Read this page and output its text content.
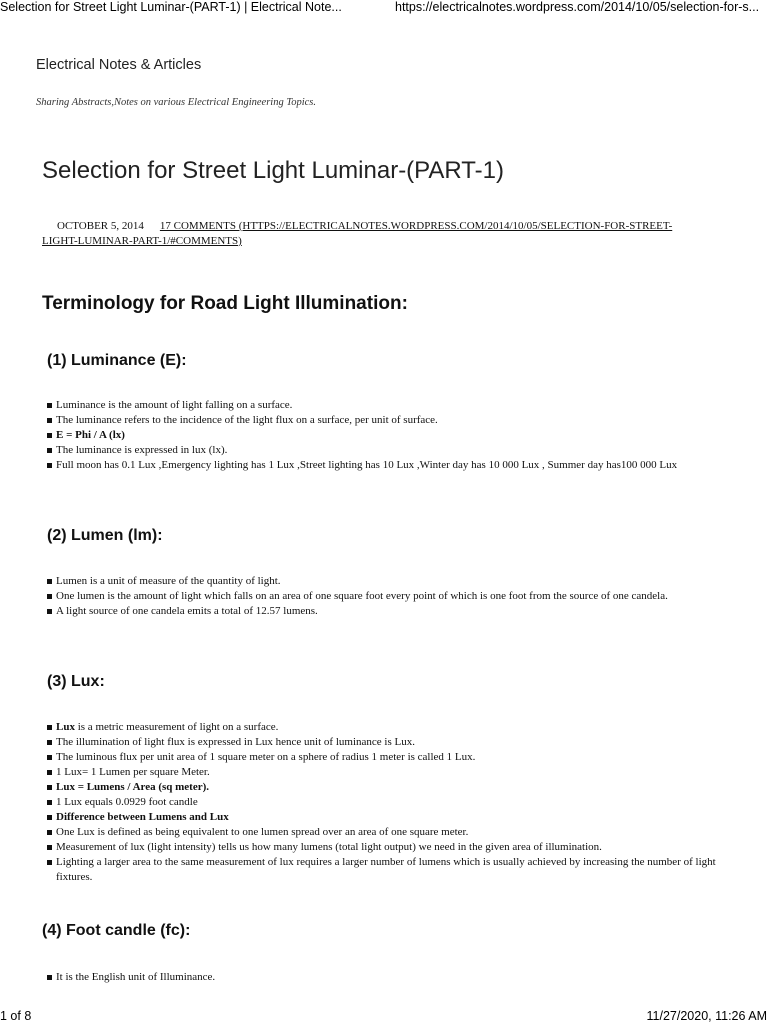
Selection for Street Light Luminar-(PART-1) | Electrical Note...	https://electricalnotes.wordpress.com/2014/10/05/selection-for-s...
Electrical Notes & Articles

Sharing Abstracts,Notes on various Electrical Engineering Topics.

Selection for Street Light Luminar-(PART-1)

OCTOBER 5, 2014 17 COMMENTS (HTTPS://ELECTRICALNOTES.WORDPRESS.COM/2014/10/05/SELECTION-FOR-STREET-LIGHT-LUMINAR-PART-1/#COMMENTS)

Terminology for Road Light Illumination:
(1) Luminance (E):
Luminance is the amount of light falling on a surface.
The luminance refers to the incidence of the light flux on a surface, per unit of surface.
E = Phi / A (lx)
The luminance is expressed in lux (lx).
Full moon has 0.1 Lux ,Emergency lighting has 1 Lux ,Street lighting has 10 Lux ,Winter day has 10 000 Lux , Summer day has100 000 Lux
(2) Lumen (lm):
Lumen is a unit of measure of the quantity of light.
One lumen is the amount of light which falls on an area of one square foot every point of which is one foot from the source of one candela.
A light source of one candela emits a total of 12.57 lumens.
(3) Lux:
Lux is a metric measurement of light on a surface.
The illumination of light flux is expressed in Lux hence unit of luminance is Lux.
The luminous flux per unit area of 1 square meter on a sphere of radius 1 meter is called 1 Lux.
1 Lux= 1 Lumen per square Meter.
Lux = Lumens / Area (sq meter).
1 Lux equals 0.0929 foot candle
Difference between Lumens and Lux
One Lux is defined as being equivalent to one lumen spread over an area of one square meter.
Measurement of lux (light intensity) tells us how many lumens (total light output) we need in the given area of illumination.
Lighting a larger area to the same measurement of lux requires a larger number of lumens which is usually achieved by increasing the number of light fixtures.
(4) Foot candle (fc):
It is the English unit of Illuminance.
1 of 8	11/27/2020, 11:26 AM
